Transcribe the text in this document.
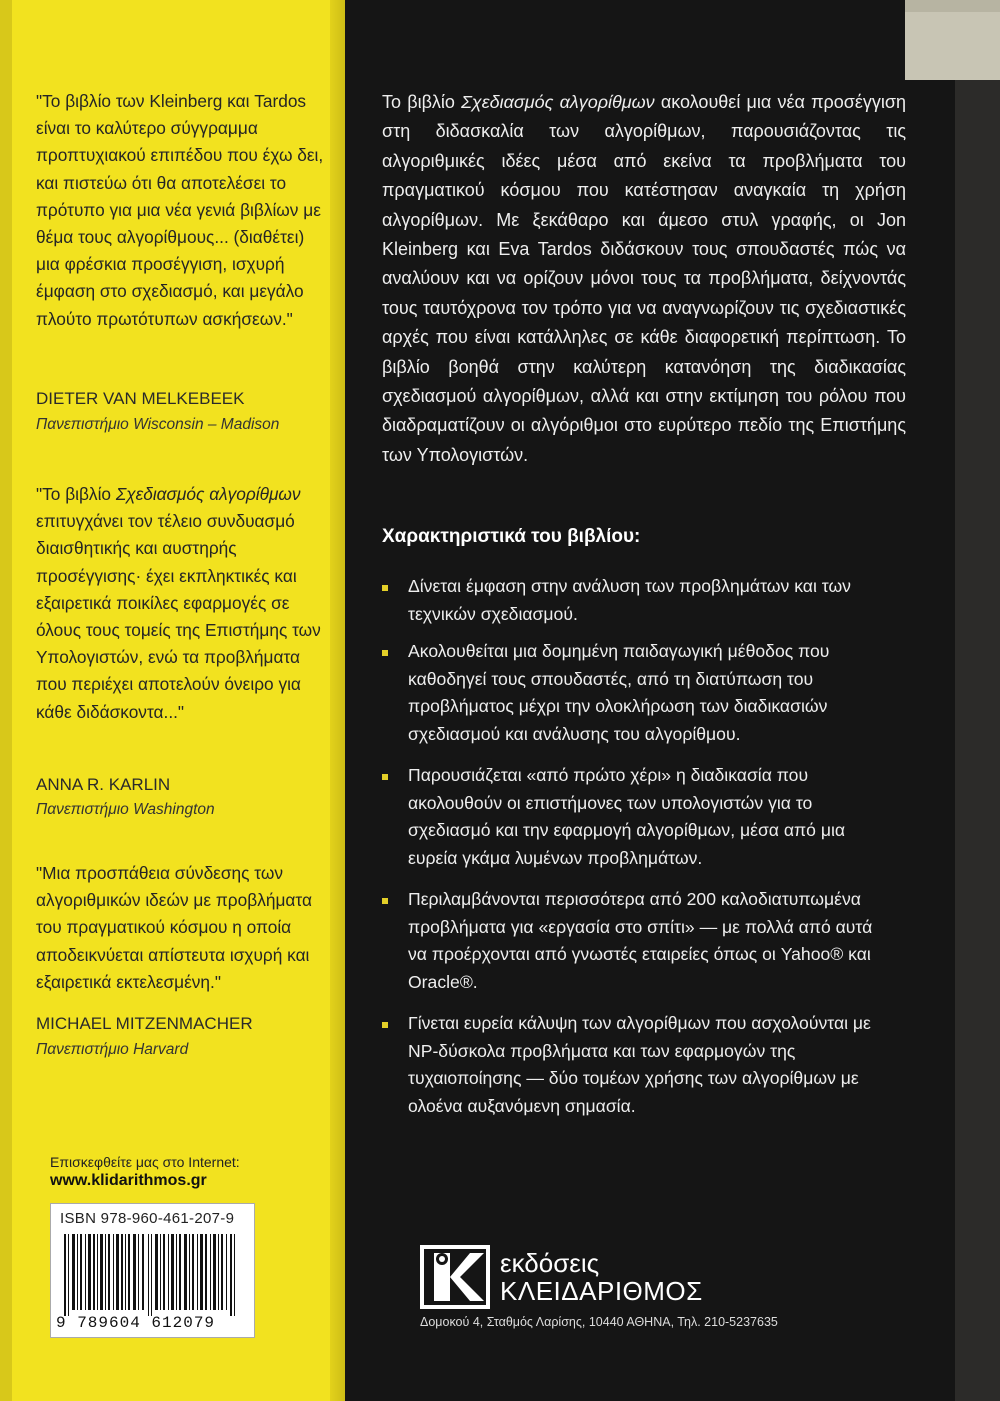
"Το βιβλίο των Kleinberg και Tardos είναι το καλύτερο σύγγραμμα προπτυχιακού επιπέδου που έχω δει, και πιστεύω ότι θα αποτελέσει το πρότυπο για μια νέα γενιά βιβλίων με θέμα τους αλγορίθμους... (διαθέτει) μια φρέσκια προσέγγιση, ισχυρή έμφαση στο σχεδιασμό, και μεγάλο πλούτο πρωτότυπων ασκήσεων."

DIETER VAN MELKEBEEK
Πανεπιστήμιο Wisconsin – Madison

"Το βιβλίο Σχεδιασμός αλγορίθμων επιτυγχάνει τον τέλειο συνδυασμό διαισθητικής και αυστηρής προσέγγισης· έχει εκπληκτικές και εξαιρετικά ποικίλες εφαρμογές σε όλους τους τομείς της Επιστήμης των Υπολογιστών, ενώ τα προβλήματα που περιέχει αποτελούν όνειρο για κάθε διδάσκοντα..."

ANNA R. KARLIN
Πανεπιστήμιο Washington

"Μια προσπάθεια σύνδεσης των αλγοριθμικών ιδεών με προβλήματα του πραγματικού κόσμου η οποία αποδεικνύεται απίστευτα ισχυρή και εξαιρετικά εκτελεσμένη."

MICHAEL MITZENMACHER
Πανεπιστήμιο Harvard
Επισκεφθείτε μας στο Internet:
www.klidarithmos.gr
ISBN 978-960-461-207-9
9 789604 612079

Το βιβλίο Σχεδιασμός αλγορίθμων ακολουθεί μια νέα προσέγγιση στη διδασκαλία των αλγορίθμων, παρουσιάζοντας τις αλγοριθμικές ιδέες μέσα από εκείνα τα προβλήματα του πραγματικού κόσμου που κατέστησαν αναγκαία τη χρήση αλγορίθμων. Με ξεκάθαρο και άμεσο στυλ γραφής, οι Jon Kleinberg και Eva Tardos διδάσκουν τους σπουδαστές πώς να αναλύουν και να ορίζουν μόνοι τους τα προβλήματα, δείχνοντάς τους ταυτόχρονα τον τρόπο για να αναγνωρίζουν τις σχεδιαστικές αρχές που είναι κατάλληλες σε κάθε διαφορετική περίπτωση. Το βιβλίο βοηθά στην καλύτερη κατανόηση της διαδικασίας σχεδιασμού αλγορίθμων, αλλά και στην εκτίμηση του ρόλου που διαδραματίζουν οι αλγόριθμοι στο ευρύτερο πεδίο της Επιστήμης των Υπολογιστών.

Χαρακτηριστικά του βιβλίου:
Δίνεται έμφαση στην ανάλυση των προβλημάτων και των τεχνικών σχεδιασμού.
Ακολουθείται μια δομημένη παιδαγωγική μέθοδος που καθοδηγεί τους σπουδαστές, από τη διατύπωση του προβλήματος μέχρι την ολοκλήρωση των διαδικασιών σχεδιασμού και ανάλυσης του αλγορίθμου.
Παρουσιάζεται «από πρώτο χέρι» η διαδικασία που ακολουθούν οι επιστήμονες των υπολογιστών για το σχεδιασμό και την εφαρμογή αλγορίθμων, μέσα από μια ευρεία γκάμα λυμένων προβλημάτων.
Περιλαμβάνονται περισσότερα από 200 καλοδιατυπωμένα προβλήματα για «εργασία στο σπίτι» — με πολλά από αυτά να προέρχονται από γνωστές εταιρείες όπως οι Yahoo® και Oracle®.
Γίνεται ευρεία κάλυψη των αλγορίθμων που ασχολούνται με NP-δύσκολα προβλήματα και των εφαρμογών της τυχαιοποίησης — δύο τομέων χρήσης των αλγορίθμων με ολοένα αυξανόμενη σημασία.
εκδόσεις
ΚΛΕΙΔΑΡΙΘΜΟΣ
Δομοκού 4, Σταθμός Λαρίσης, 10440 ΑΘΗΝΑ, Τηλ. 210-5237635
